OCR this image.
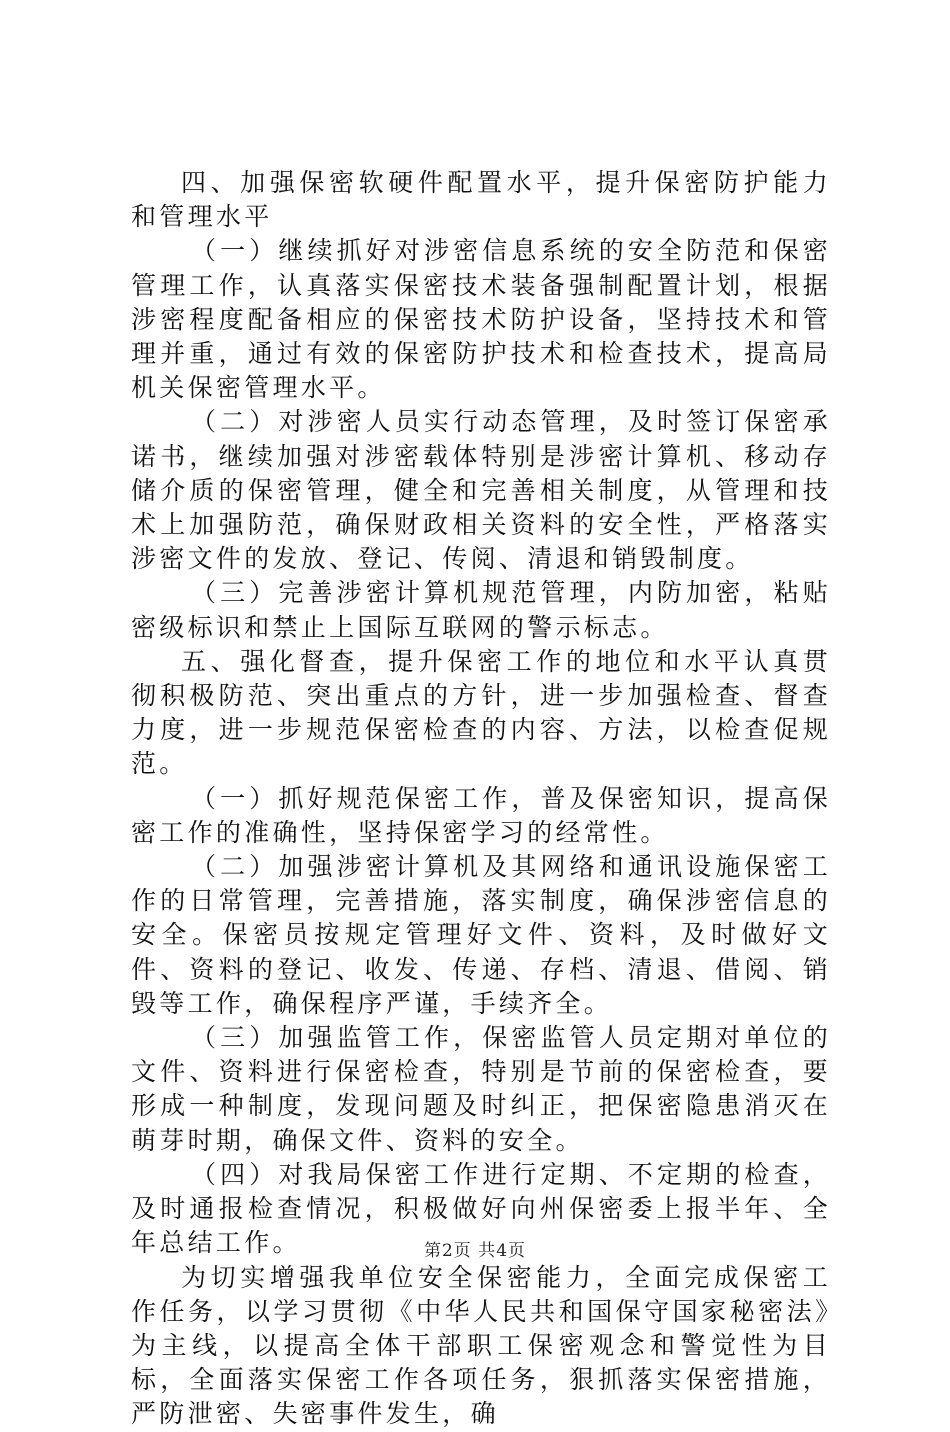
四、加强保密软硬件配置水平，提升保密防护能力和管理水平

（一）继续抓好对涉密信息系统的安全防范和保密管理工作，认真落实保密技术装备强制配置计划，根据涉密程度配备相应的保密技术防护设备，坚持技术和管理并重，通过有效的保密防护技术和检查技术，提高局机关保密管理水平。

（二）对涉密人员实行动态管理，及时签订保密承诺书，继续加强对涉密载体特别是涉密计算机、移动存储介质的保密管理，健全和完善相关制度，从管理和技术上加强防范，确保财政相关资料的安全性，严格落实涉密文件的发放、登记、传阅、清退和销毁制度。

（三）完善涉密计算机规范管理，内防加密，粘贴密级标识和禁止上国际互联网的警示标志。

五、强化督查，提升保密工作的地位和水平认真贯彻积极防范、突出重点的方针，进一步加强检查、督查力度，进一步规范保密检查的内容、方法，以检查促规范。

（一）抓好规范保密工作，普及保密知识，提高保密工作的准确性，坚持保密学习的经常性。

（二）加强涉密计算机及其网络和通讯设施保密工作的日常管理，完善措施，落实制度，确保涉密信息的安全。保密员按规定管理好文件、资料，及时做好文件、资料的登记、收发、传递、存档、清退、借阅、销毁等工作，确保程序严谨，手续齐全。

（三）加强监管工作，保密监管人员定期对单位的文件、资料进行保密检查，特别是节前的保密检查，要形成一种制度，发现问题及时纠正，把保密隐患消灭在萌芽时期，确保文件、资料的安全。

（四）对我局保密工作进行定期、不定期的检查，及时通报检查情况，积极做好向州保密委上报半年、全年总结工作。

为切实增强我单位安全保密能力，全面完成保密工作任务，以学习贯彻《中华人民共和国保守国家秘密法》为主线，以提高全体干部职工保密观念和警觉性为目标，全面落实保密工作各项任务，狠抓落实保密措施，严防泄密、失密事件发生，确

第2页 共4页
